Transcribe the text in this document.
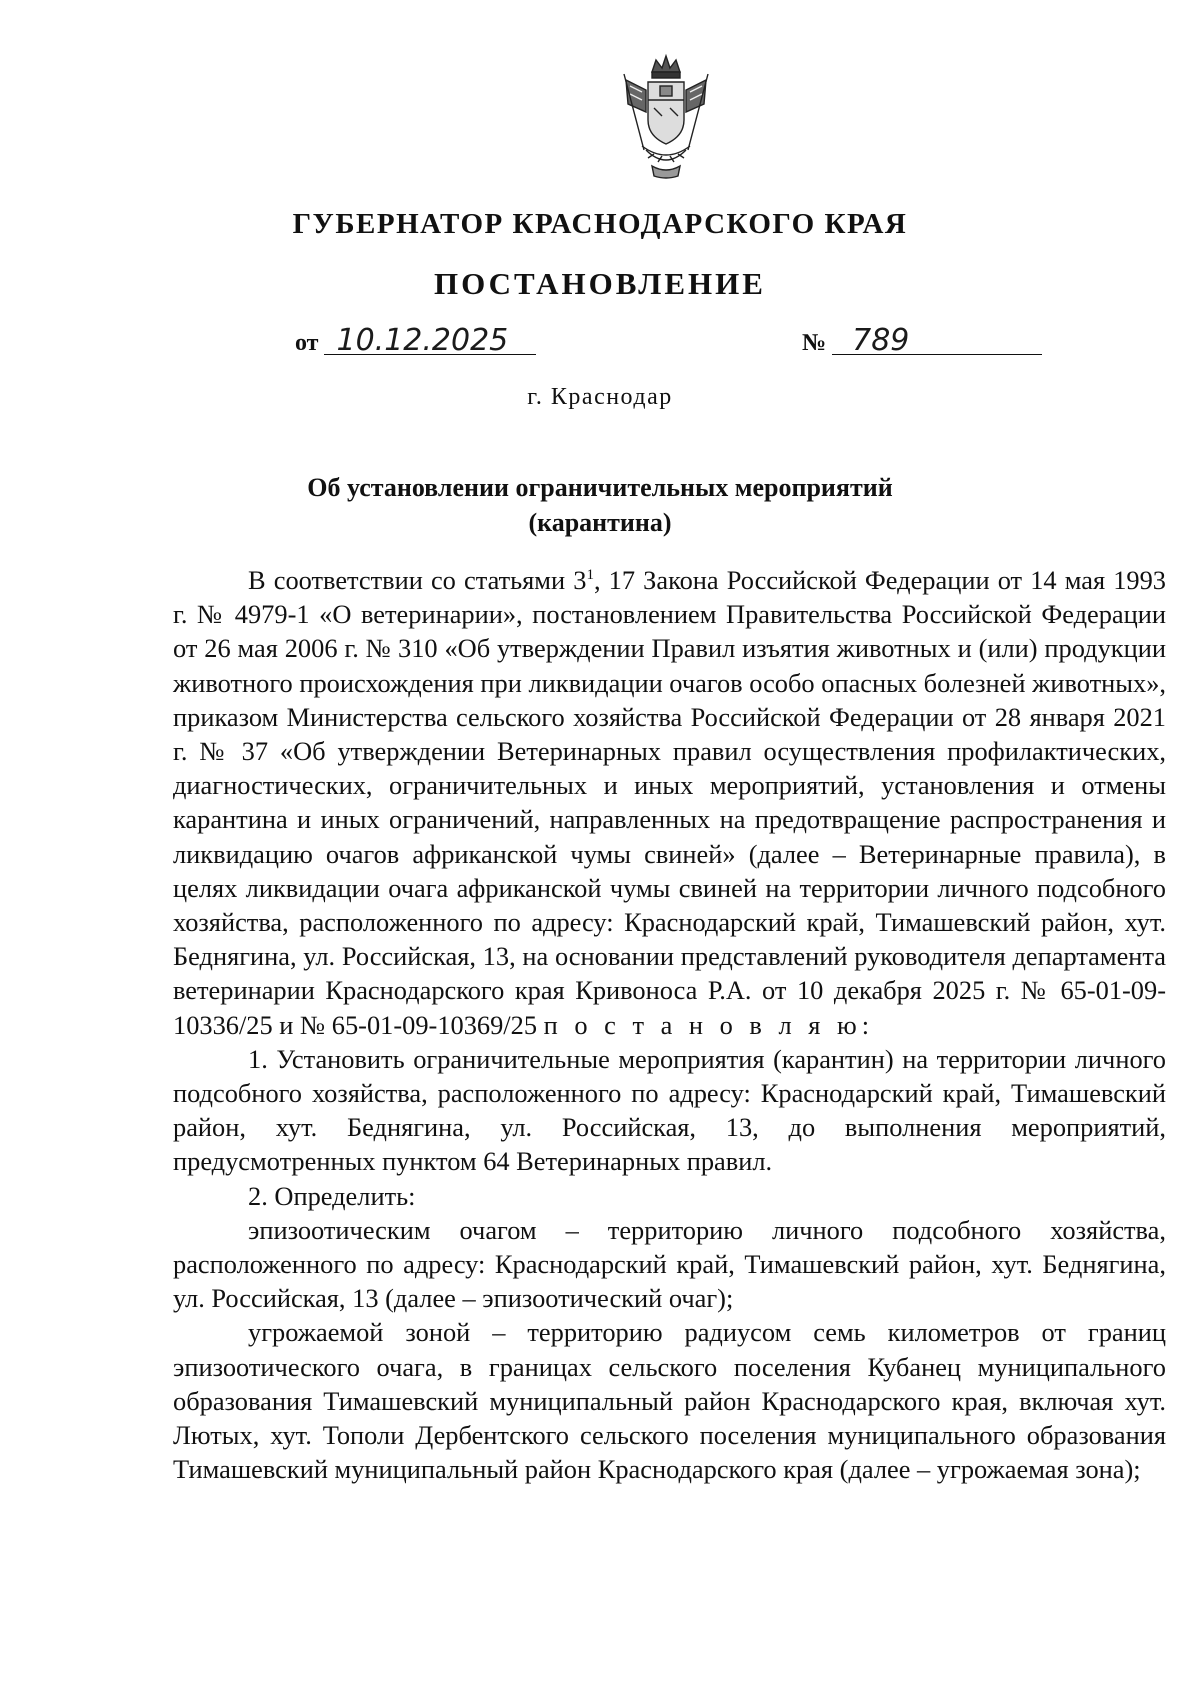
ГУБЕРНАТОР КРАСНОДАРСКОГО КРАЯ
ПОСТАНОВЛЕНИЕ
от 10.12.2025	№ 789
г. Краснодар
Об установлении ограничительных мероприятий
(карантина)

В соответствии со статьями $3^1$, 17 Закона Российской Федерации от 14 мая 1993 г. № 4979-1 «О ветеринарии», постановлением Правительства Российской Федерации от 26 мая 2006 г. № 310 «Об утверждении Правил изъятия животных и (или) продукции животного происхождения при ликвидации очагов особо опасных болезней животных», приказом Министерства сельского хозяйства Российской Федерации от 28 января 2021 г. № 37 «Об утверждении Ветеринарных правил осуществления профилактических, диагностических, ограничительных и иных мероприятий, установления и отмены карантина и иных ограничений, направленных на предотвращение распространения и ликвидацию очагов африканской чумы свиней» (далее – Ветеринарные правила), в целях ликвидации очага африканской чумы свиней на территории личного подсобного хозяйства, расположенного по адресу: Краснодарский край, Тимашевский район, хут. Беднягина, ул. Российская, 13, на основании представлений руководителя департамента ветеринарии Краснодарского края Кривоноса Р.А. от 10 декабря 2025 г. № 65-01-09-10336/25 и № 65-01-09-10369/25 п о с т а н о в л я ю:

1. Установить ограничительные мероприятия (карантин) на территории личного подсобного хозяйства, расположенного по адресу: Краснодарский край, Тимашевский район, хут. Беднягина, ул. Российская, 13, до выполнения мероприятий, предусмотренных пунктом 64 Ветеринарных правил.

2. Определить:

эпизоотическим очагом – территорию личного подсобного хозяйства, расположенного по адресу: Краснодарский край, Тимашевский район, хут. Беднягина, ул. Российская, 13 (далее – эпизоотический очаг);

угрожаемой зоной – территорию радиусом семь километров от границ эпизоотического очага, в границах сельского поселения Кубанец муниципального образования Тимашевский муниципальный район Краснодарского края, включая хут. Лютых, хут. Тополи Дербентского сельского поселения муниципального образования Тимашевский муниципальный район Краснодарского края (далее – угрожаемая зона);
